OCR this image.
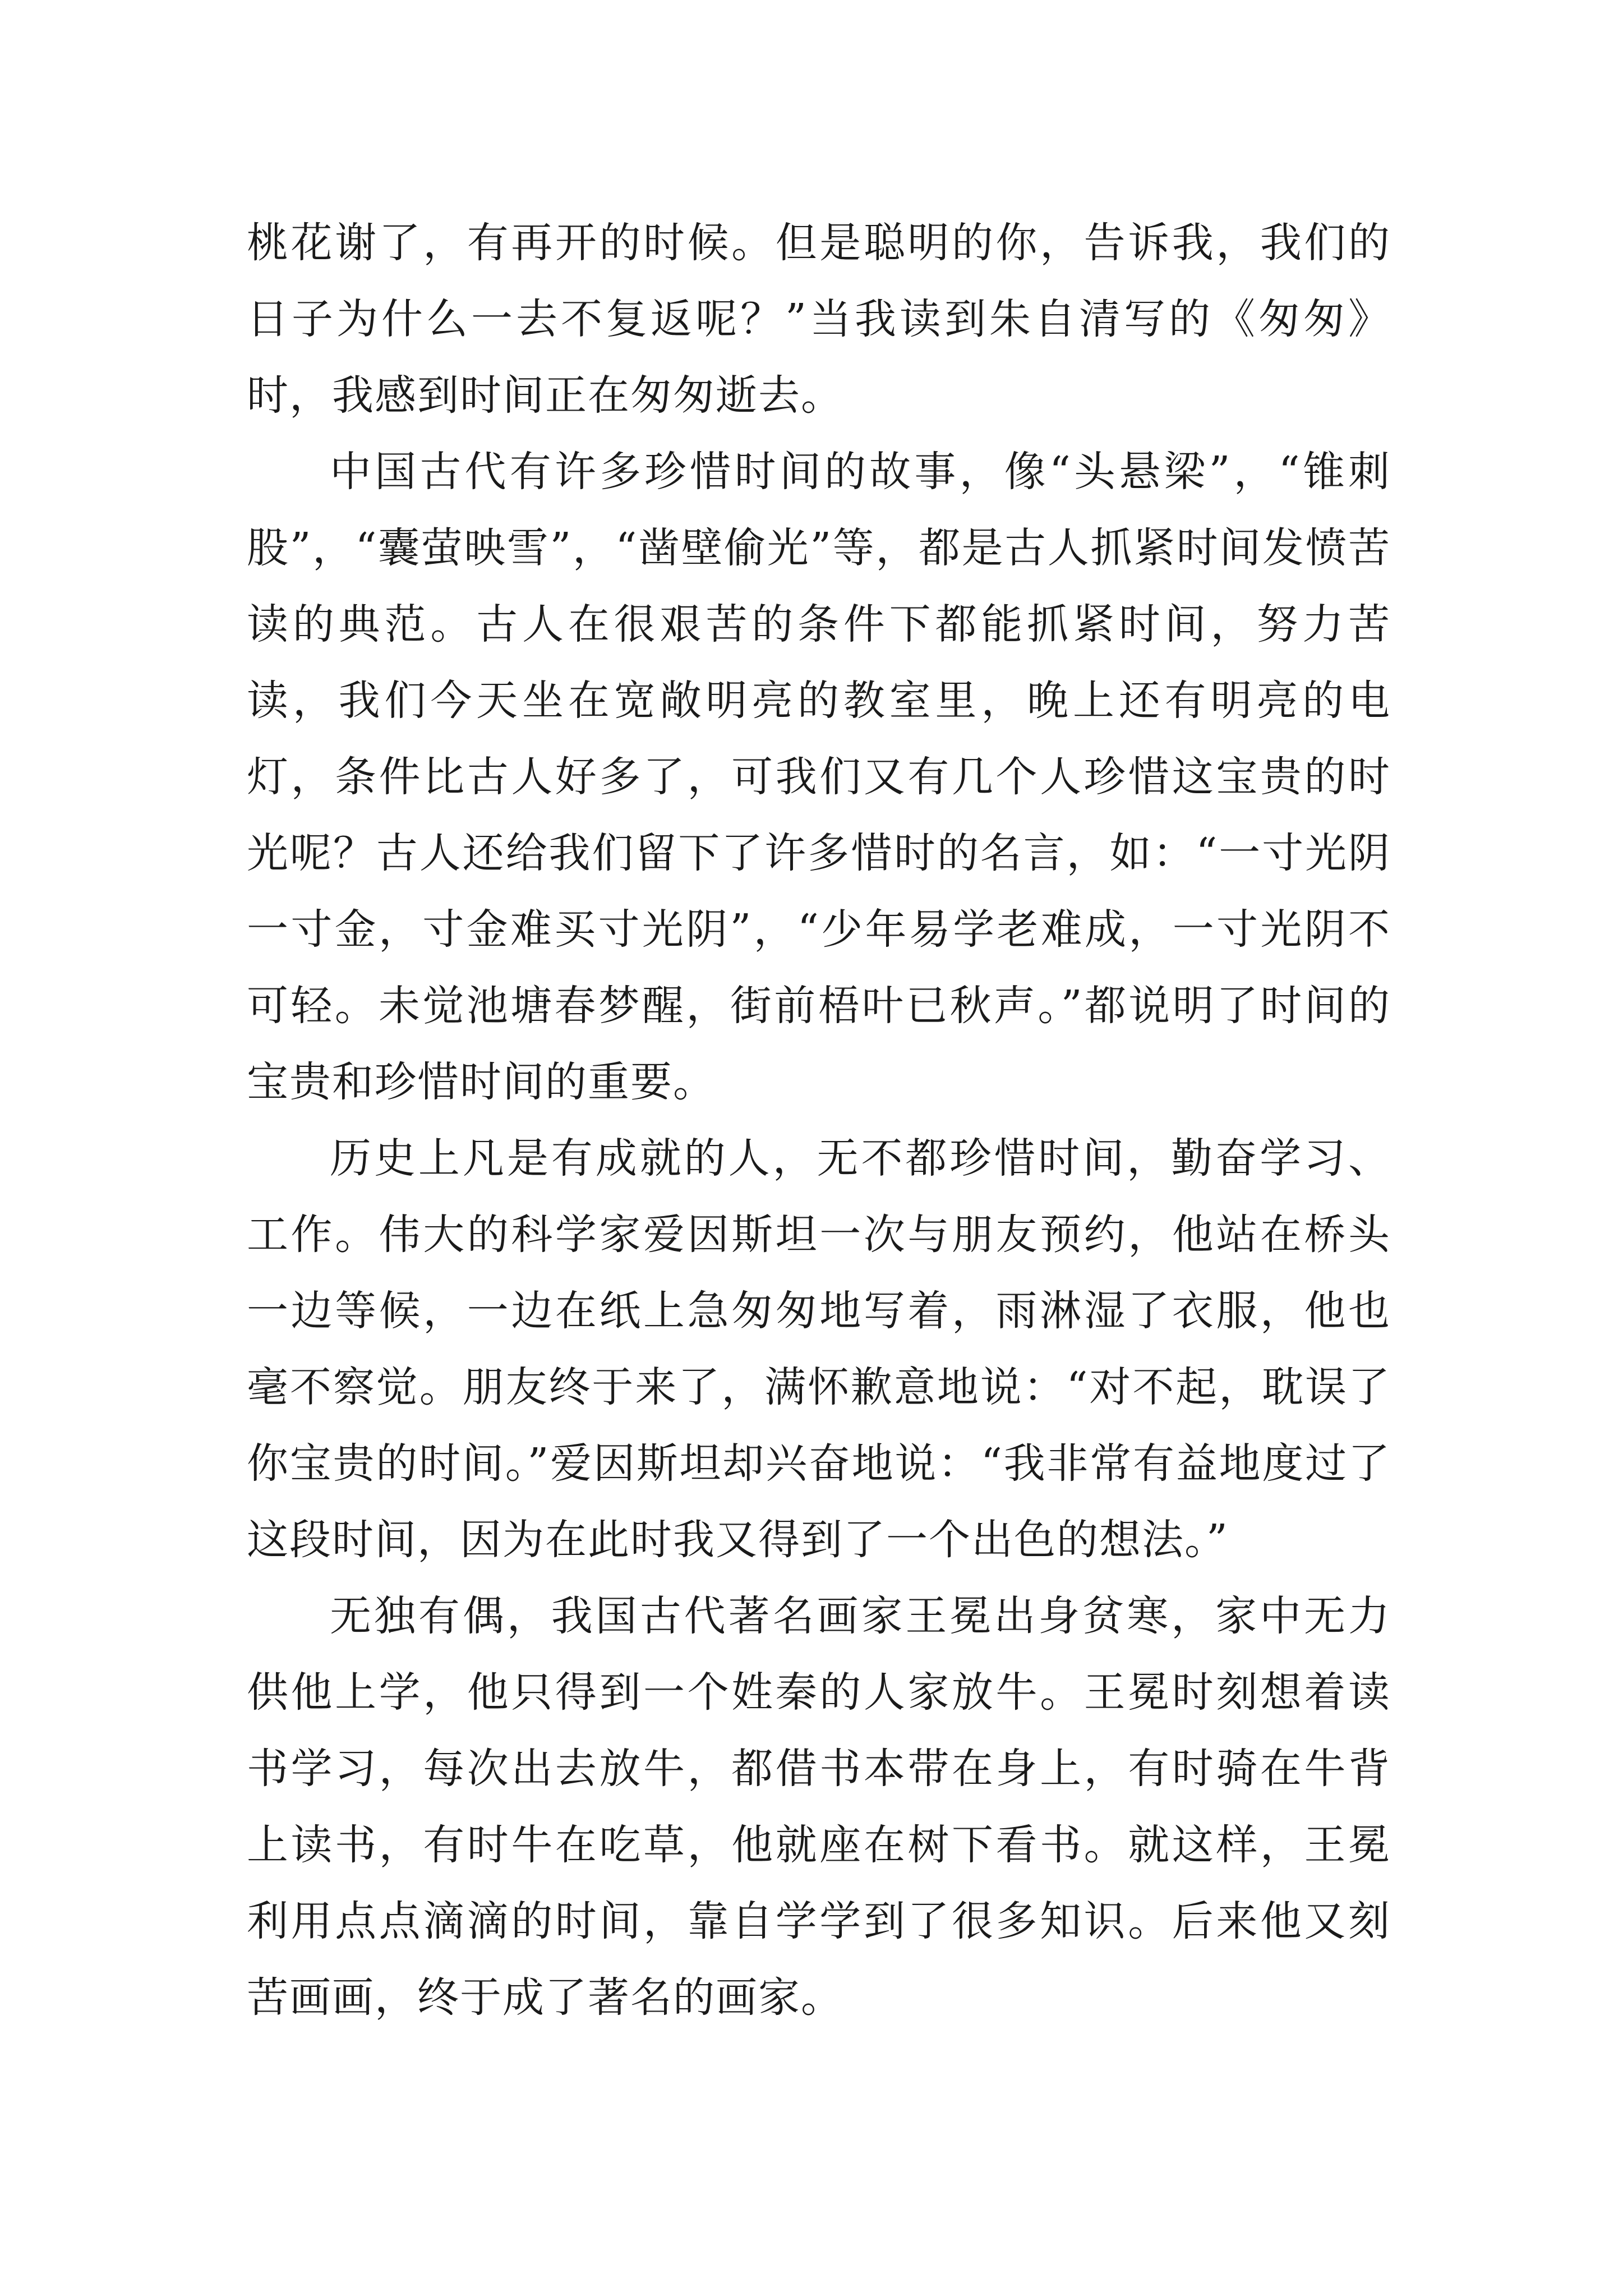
桃花谢了，有再开的时候。但是聪明的你，告诉我，我们的日子为什么一去不复返呢？”当我读到朱自清写的《匆匆》时，我感到时间正在匆匆逝去。

中国古代有许多珍惜时间的故事，像“头悬梁”，“锥刺股”，“囊萤映雪”，“凿壁偷光”等，都是古人抓紧时间发愤苦读的典范。古人在很艰苦的条件下都能抓紧时间，努力苦读，我们今天坐在宽敞明亮的教室里，晚上还有明亮的电灯，条件比古人好多了，可我们又有几个人珍惜这宝贵的时光呢？古人还给我们留下了许多惜时的名言，如：“一寸光阴一寸金，寸金难买寸光阴”，“少年易学老难成，一寸光阴不可轻。未觉池塘春梦醒，街前梧叶已秋声。”都说明了时间的宝贵和珍惜时间的重要。

历史上凡是有成就的人，无不都珍惜时间，勤奋学习、工作。伟大的科学家爱因斯坦一次与朋友预约，他站在桥头一边等候，一边在纸上急匆匆地写着，雨淋湿了衣服，他也毫不察觉。朋友终于来了，满怀歉意地说：“对不起，耽误了你宝贵的时间。”爱因斯坦却兴奋地说：“我非常有益地度过了这段时间，因为在此时我又得到了一个出色的想法。”

无独有偶，我国古代著名画家王冕出身贫寒，家中无力供他上学，他只得到一个姓秦的人家放牛。王冕时刻想着读书学习，每次出去放牛，都借书本带在身上，有时骑在牛背上读书，有时牛在吃草，他就座在树下看书。就这样，王冕利用点点滴滴的时间，靠自学学到了很多知识。后来他又刻苦画画，终于成了著名的画家。
